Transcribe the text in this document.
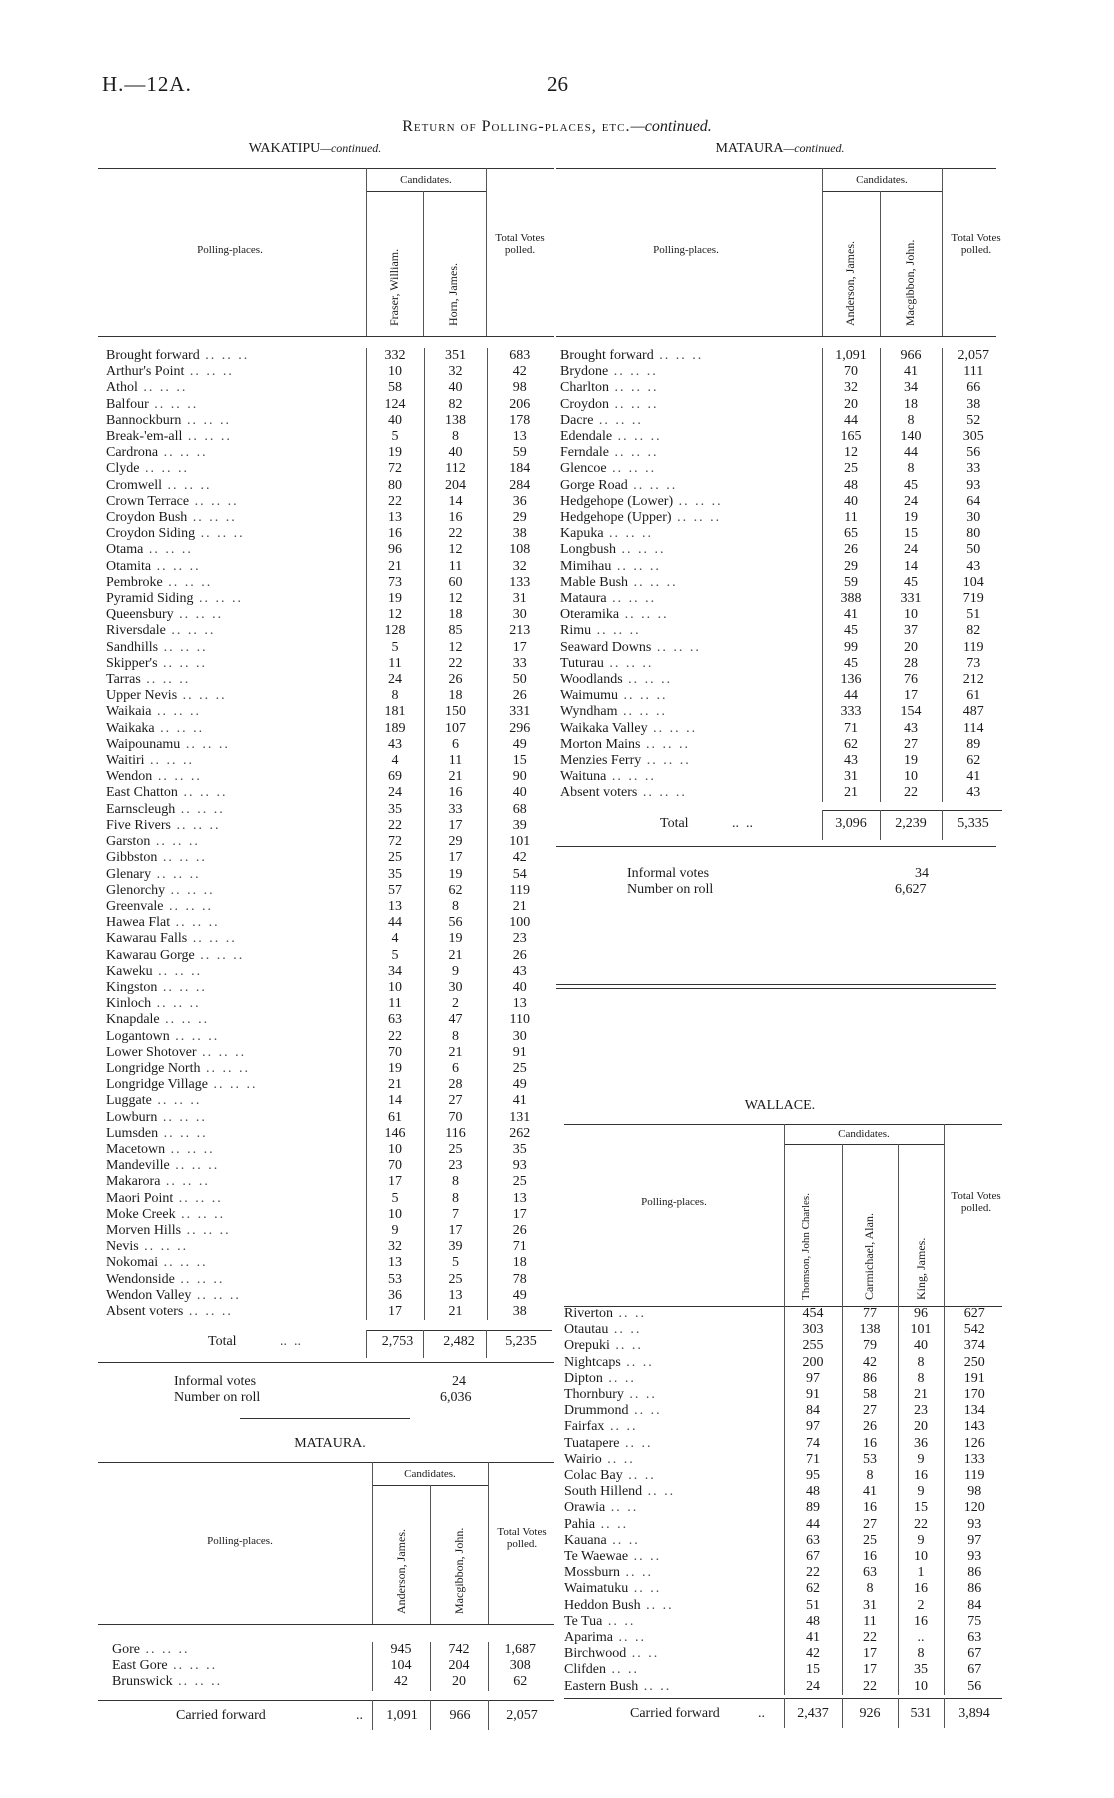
H.—12A.	26
Return of Polling-places, etc.—continued.
WAKATIPU—continued.
Candidates.
Polling-places.	Fraser, William.	Horn, James.
Total Votes polled.
Brought forward .. .. ..	332	351	683
Arthur's Point .. .. ..	10	32	42
Athol .. .. ..	58	40	98
Balfour .. .. ..	124	82	206
Bannockburn .. .. ..	40	138	178
Break-'em-all .. .. ..	5	8	13
Cardrona .. .. ..	19	40	59
Clyde .. .. ..	72	112	184
Cromwell .. .. ..	80	204	284
Crown Terrace .. .. ..	22	14	36
Croydon Bush .. .. ..	13	16	29
Croydon Siding .. .. ..	16	22	38
Otama .. .. ..	96	12	108
Otamita .. .. ..	21	11	32
Pembroke .. .. ..	73	60	133
Pyramid Siding .. .. ..	19	12	31
Queensbury .. .. ..	12	18	30
Riversdale .. .. ..	128	85	213
Sandhills .. .. ..	5	12	17
Skipper's .. .. ..	11	22	33
Tarras .. .. ..	24	26	50
Upper Nevis .. .. ..	8	18	26
Waikaia .. .. ..	181	150	331
Waikaka .. .. ..	189	107	296
Waipounamu .. .. ..	43	6	49
Waitiri .. .. ..	4	11	15
Wendon .. .. ..	69	21	90
East Chatton .. .. ..	24	16	40
Earnscleugh .. .. ..	35	33	68
Five Rivers .. .. ..	22	17	39
Garston .. .. ..	72	29	101
Gibbston .. .. ..	25	17	42
Glenary .. .. ..	35	19	54
Glenorchy .. .. ..	57	62	119
Greenvale .. .. ..	13	8	21
Hawea Flat .. .. ..	44	56	100
Kawarau Falls .. .. ..	4	19	23
Kawarau Gorge .. .. ..	5	21	26
Kaweku .. .. ..	34	9	43
Kingston .. .. ..	10	30	40
Kinloch .. .. ..	11	2	13
Knapdale .. .. ..	63	47	110
Logantown .. .. ..	22	8	30
Lower Shotover .. .. ..	70	21	91
Longridge North .. .. ..	19	6	25
Longridge Village .. .. ..	21	28	49
Luggate .. .. ..	14	27	41
Lowburn .. .. ..	61	70	131
Lumsden .. .. ..	146	116	262
Macetown .. .. ..	10	25	35
Mandeville .. .. ..	70	23	93
Makarora .. .. ..	17	8	25
Maori Point .. .. ..	5	8	13
Moke Creek .. .. ..	10	7	17
Morven Hills .. .. ..	9	17	26
Nevis .. .. ..	32	39	71
Nokomai .. .. ..	13	5	18
Wendonside .. .. ..	53	25	78
Wendon Valley .. .. ..	36	13	49
Absent voters .. .. ..	17	21	38
Total	..  ..	2,753	2,482	5,235
Informal votes	24
Number on roll	6,036
MATAURA.
Candidates.
Polling-places.	Anderson, James.	Macgibbon, John.	Total Votes polled.
Gore .. .. ..	945	742	1,687
East Gore .. .. ..	104	204	308
Brunswick .. .. ..	42	20	62
Carried forward	..	1,091	966	2,057
MATAURA—continued.
Candidates.
Polling-places.	Anderson, James.	Macgibbon, John.
Total Votes polled.
Brought forward .. .. ..	1,091	966	2,057
Brydone .. .. ..	70	41	111
Charlton .. .. ..	32	34	66
Croydon .. .. ..	20	18	38
Dacre .. .. ..	44	8	52
Edendale .. .. ..	165	140	305
Ferndale .. .. ..	12	44	56
Glencoe .. .. ..	25	8	33
Gorge Road .. .. ..	48	45	93
Hedgehope (Lower) .. .. ..	40	24	64
Hedgehope (Upper) .. .. ..	11	19	30
Kapuka .. .. ..	65	15	80
Longbush .. .. ..	26	24	50
Mimihau .. .. ..	29	14	43
Mable Bush .. .. ..	59	45	104
Mataura .. .. ..	388	331	719
Oteramika .. .. ..	41	10	51
Rimu .. .. ..	45	37	82
Seaward Downs .. .. ..	99	20	119
Tuturau .. .. ..	45	28	73
Woodlands .. .. ..	136	76	212
Waimumu .. .. ..	44	17	61
Wyndham .. .. ..	333	154	487
Waikaka Valley .. .. ..	71	43	114
Morton Mains .. .. ..	62	27	89
Menzies Ferry .. .. ..	43	19	62
Waituna .. .. ..	31	10	41
Absent voters .. .. ..	21	22	43
Total	..  ..	3,096	2,239	5,335
Informal votes	34
Number on roll	6,627
WALLACE.
Candidates.
Polling-places.	Thomson, John Charles.	Carmichael, Alan.	King, James.
Total Votes polled.
Riverton .. ..	454	77	96	627
Otautau .. ..	303	138	101	542
Orepuki .. ..	255	79	40	374
Nightcaps .. ..	200	42	8	250
Dipton .. ..	97	86	8	191
Thornbury .. ..	91	58	21	170
Drummond .. ..	84	27	23	134
Fairfax .. ..	97	26	20	143
Tuatapere .. ..	74	16	36	126
Wairio .. ..	71	53	9	133
Colac Bay .. ..	95	8	16	119
South Hillend .. ..	48	41	9	98
Orawia .. ..	89	16	15	120
Pahia .. ..	44	27	22	93
Kauana .. ..	63	25	9	97
Te Waewae .. ..	67	16	10	93
Mossburn .. ..	22	63	1	86
Waimatuku .. ..	62	8	16	86
Heddon Bush .. ..	51	31	2	84
Te Tua .. ..	48	11	16	75
Aparima .. ..	41	22	..	63
Birchwood .. ..	42	17	8	67
Clifden .. ..	15	17	35	67
Eastern Bush .. ..	24	22	10	56
Carried forward	..	2,437	926	531	3,894
